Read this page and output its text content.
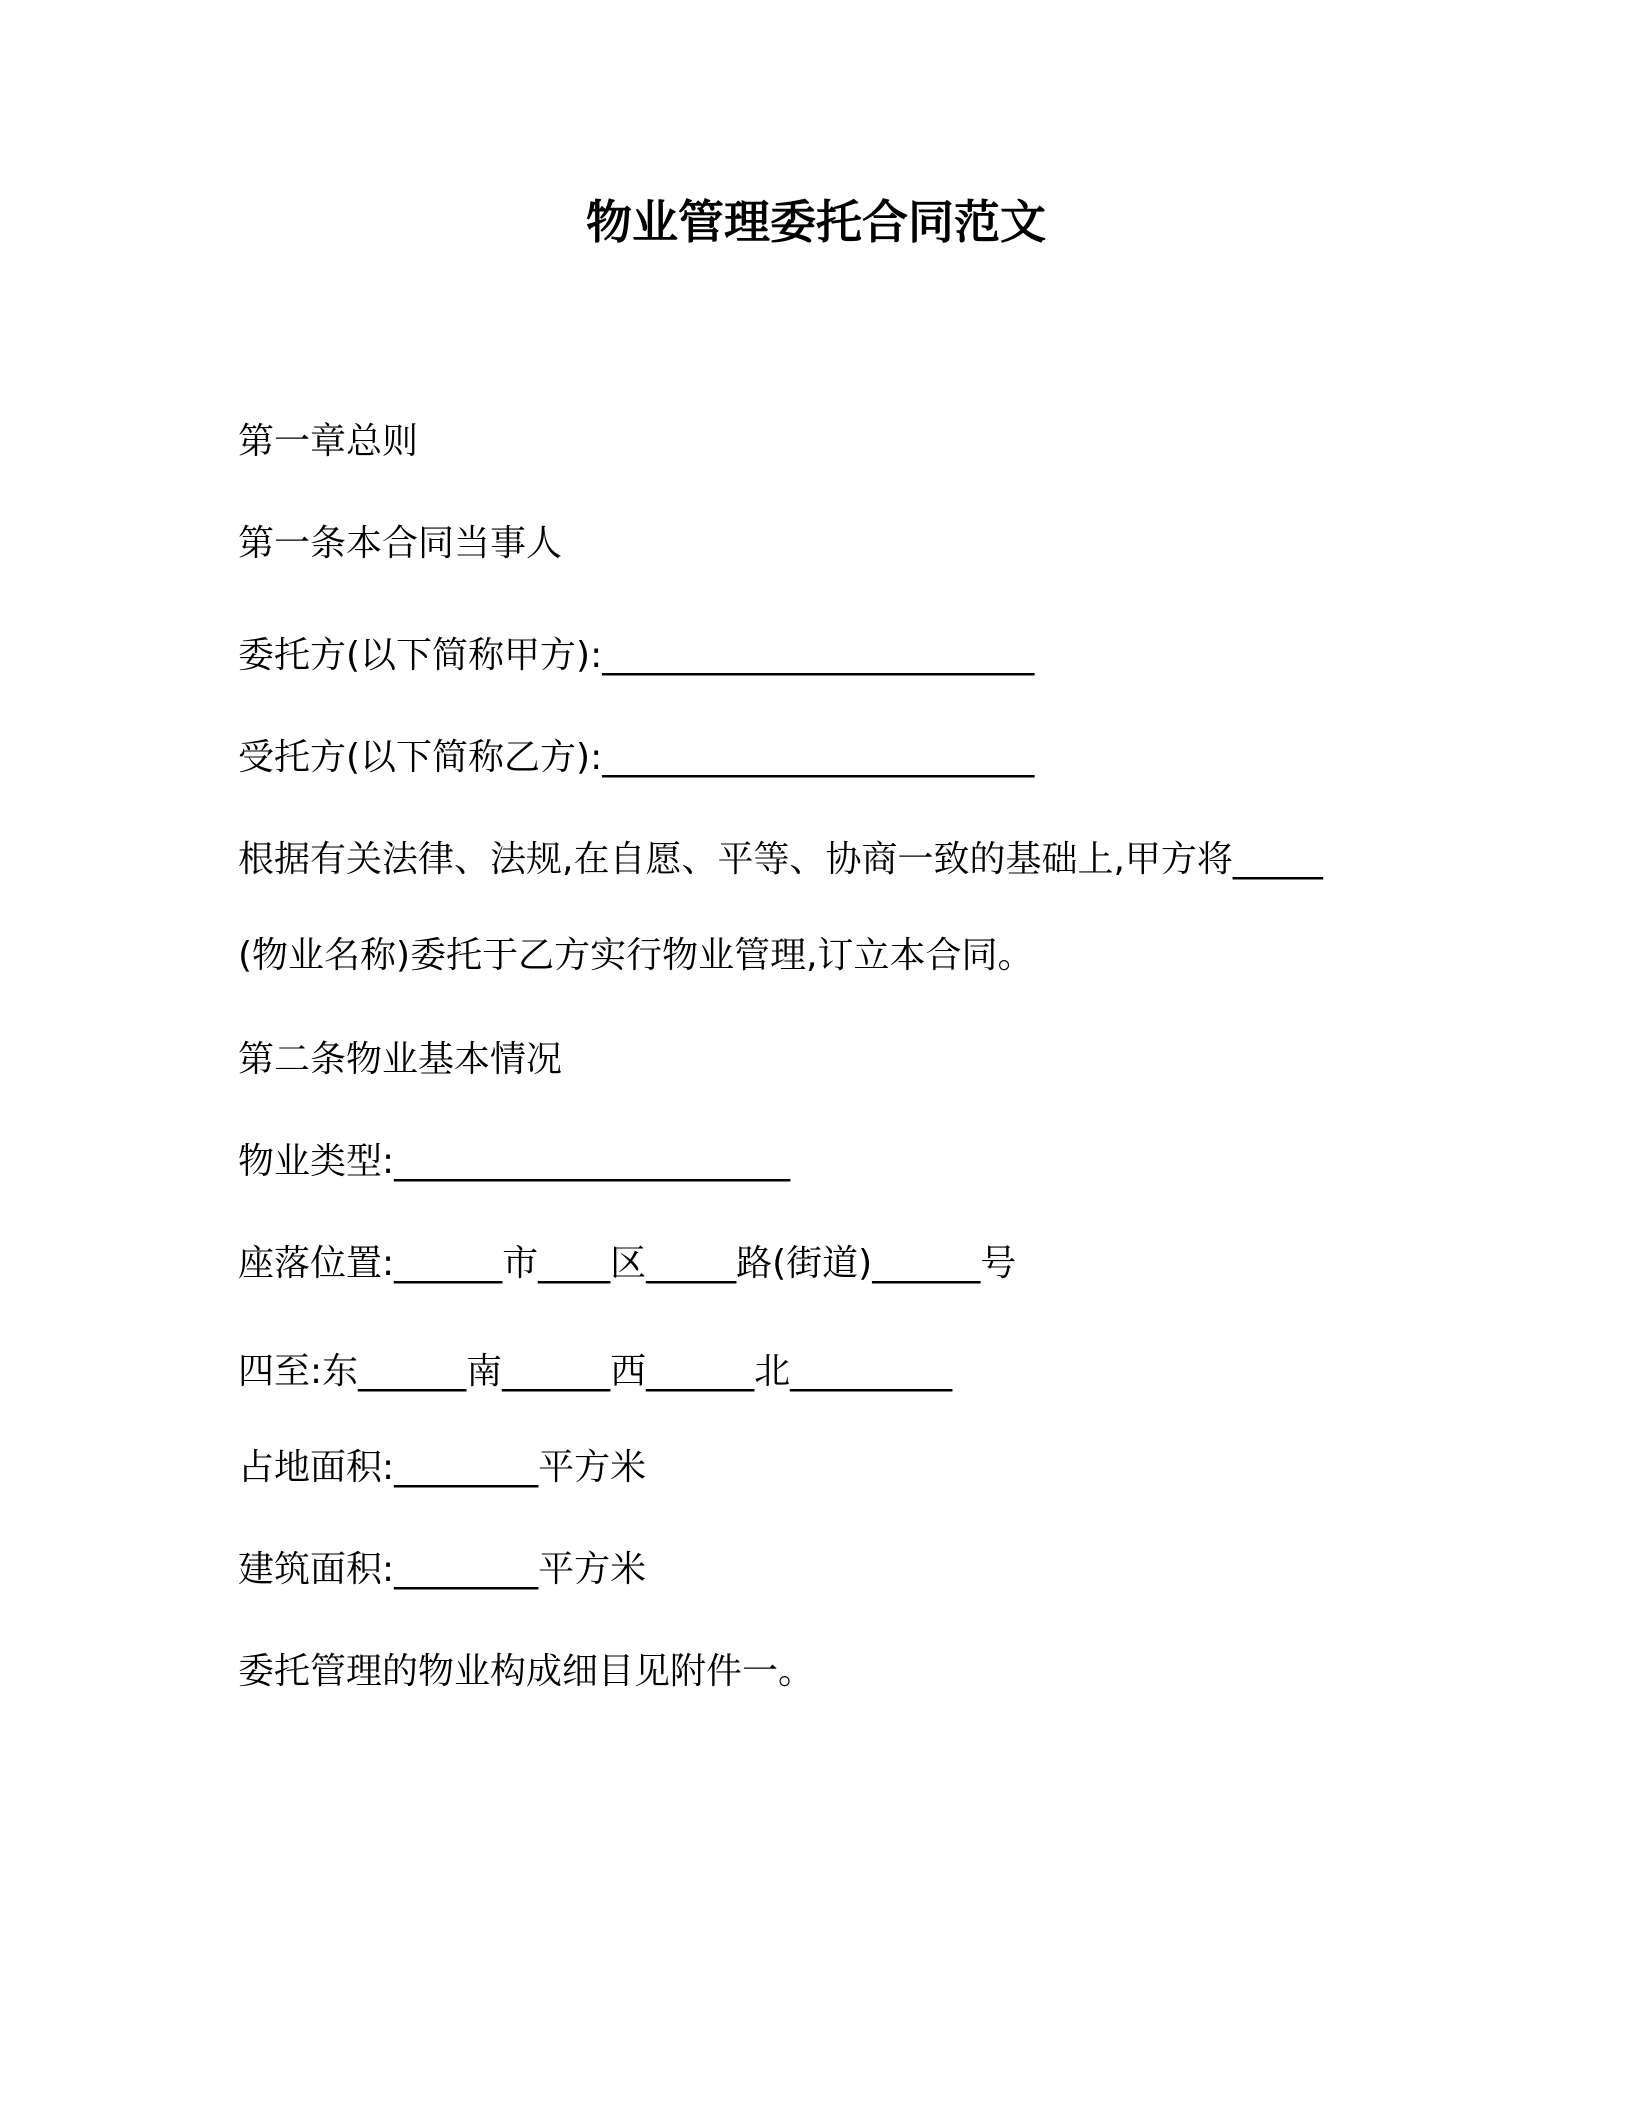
物业管理委托合同范文
第一章总则
第一条本合同当事人
委托方(以下简称甲方):________________________
受托方(以下简称乙方):________________________
根据有关法律、法规,在自愿、平等、协商一致的基础上,甲方将_____
(物业名称)委托于乙方实行物业管理,订立本合同。
第二条物业基本情况
物业类型:______________________
座落位置:______市____区_____路(街道)______号
四至:东______南______西______北_________
占地面积:________平方米
建筑面积:________平方米
委托管理的物业构成细目见附件一。
